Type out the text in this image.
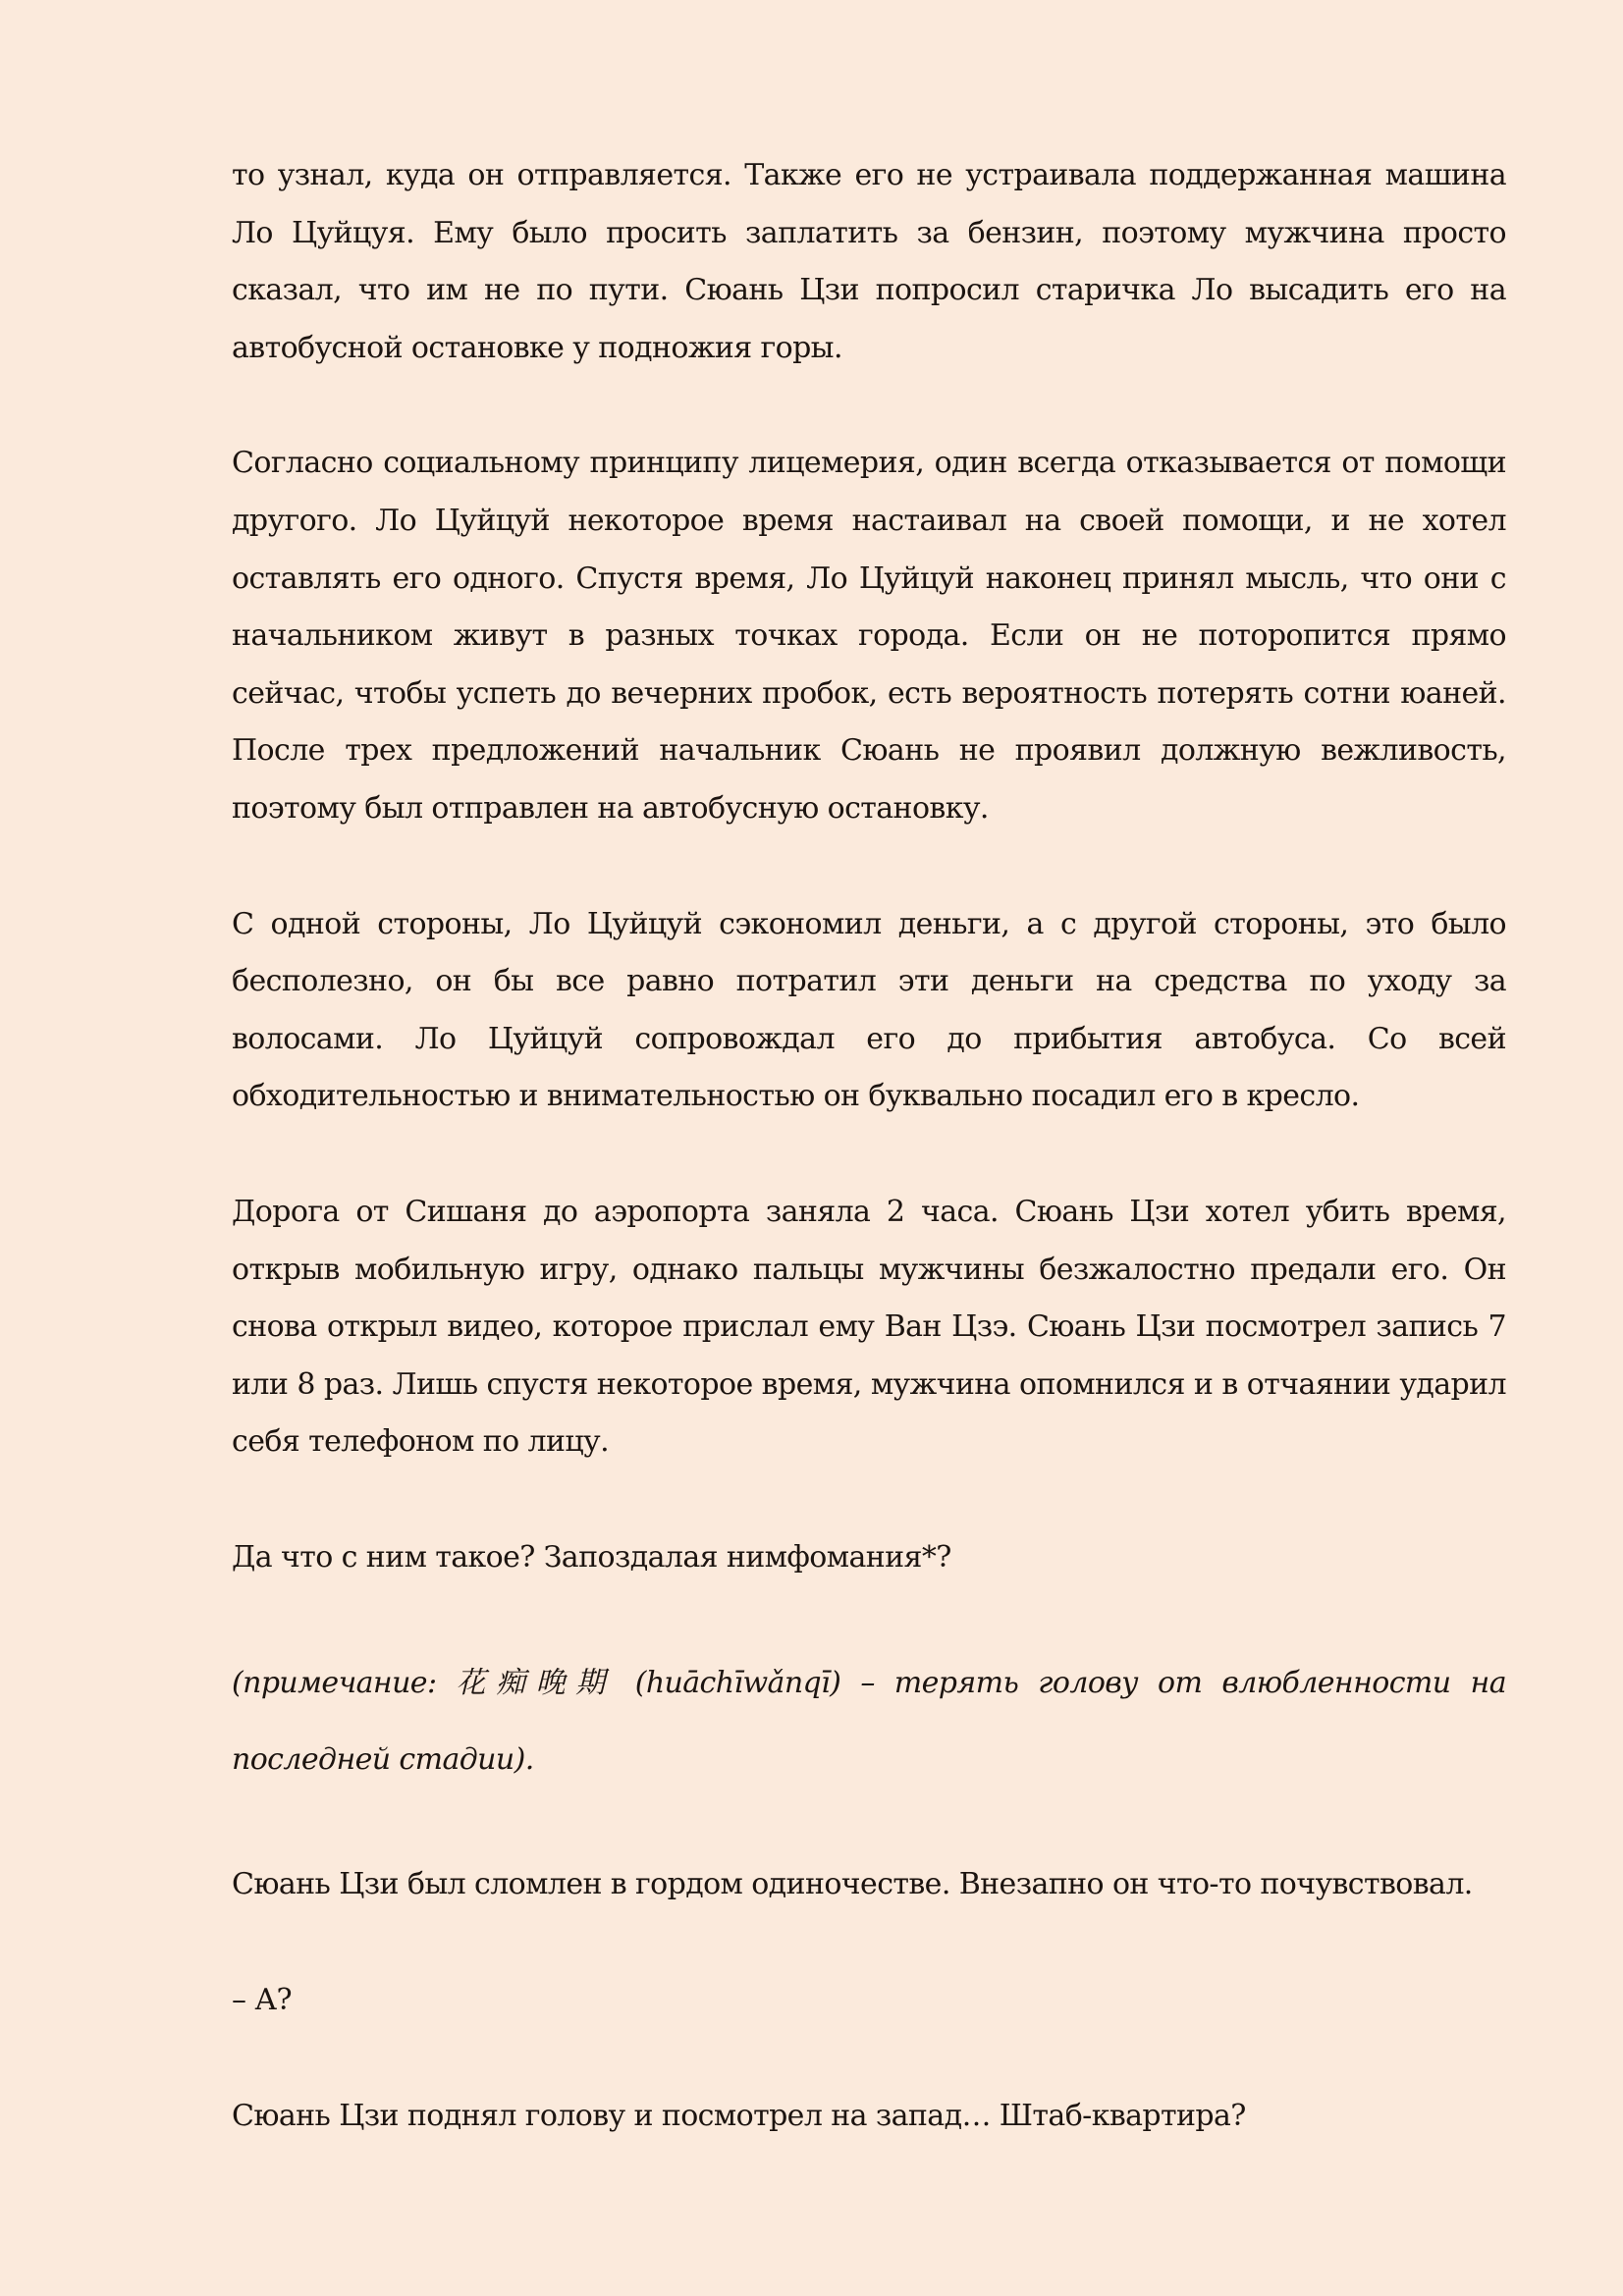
то узнал, куда он отправляется. Также его не устраивала поддержанная машина Ло Цуйцуя. Ему было просить заплатить за бензин, поэтому мужчина просто сказал, что им не по пути. Сюань Цзи попросил старичка Ло высадить его на автобусной остановке у подножия горы.

Согласно социальному принципу лицемерия, один всегда отказывается от помощи другого. Ло Цуйцуй некоторое время настаивал на своей помощи, и не хотел оставлять его одного. Спустя время, Ло Цуйцуй наконец принял мысль, что они с начальником живут в разных точках города. Если он не поторопится прямо сейчас, чтобы успеть до вечерних пробок, есть вероятность потерять сотни юаней. После трех предложений начальник Сюань не проявил должную вежливость, поэтому был отправлен на автобусную остановку.

С одной стороны, Ло Цуйцуй сэкономил деньги, а с другой стороны, это было бесполезно, он бы все равно потратил эти деньги на средства по уходу за волосами. Ло Цуйцуй сопровождал его до прибытия автобуса. Со всей обходительностью и внимательностью он буквально посадил его в кресло.

Дорога от Сишаня до аэропорта заняла 2 часа. Сюань Цзи хотел убить время, открыв мобильную игру, однако пальцы мужчины безжалостно предали его. Он снова открыл видео, которое прислал ему Ван Цзэ. Сюань Цзи посмотрел запись 7 или 8 раз. Лишь спустя некоторое время, мужчина опомнился и в отчаянии ударил себя телефоном по лицу.

Да что с ним такое? Запоздалая нимфомания*?

(примечание: 花痴晚期 (huāchīwǎnqī) – терять голову от влюбленности на последней стадии).

Сюань Цзи был сломлен в гордом одиночестве. Внезапно он что-то почувствовал.

– А?

Сюань Цзи поднял голову и посмотрел на запад… Штаб-квартира?
